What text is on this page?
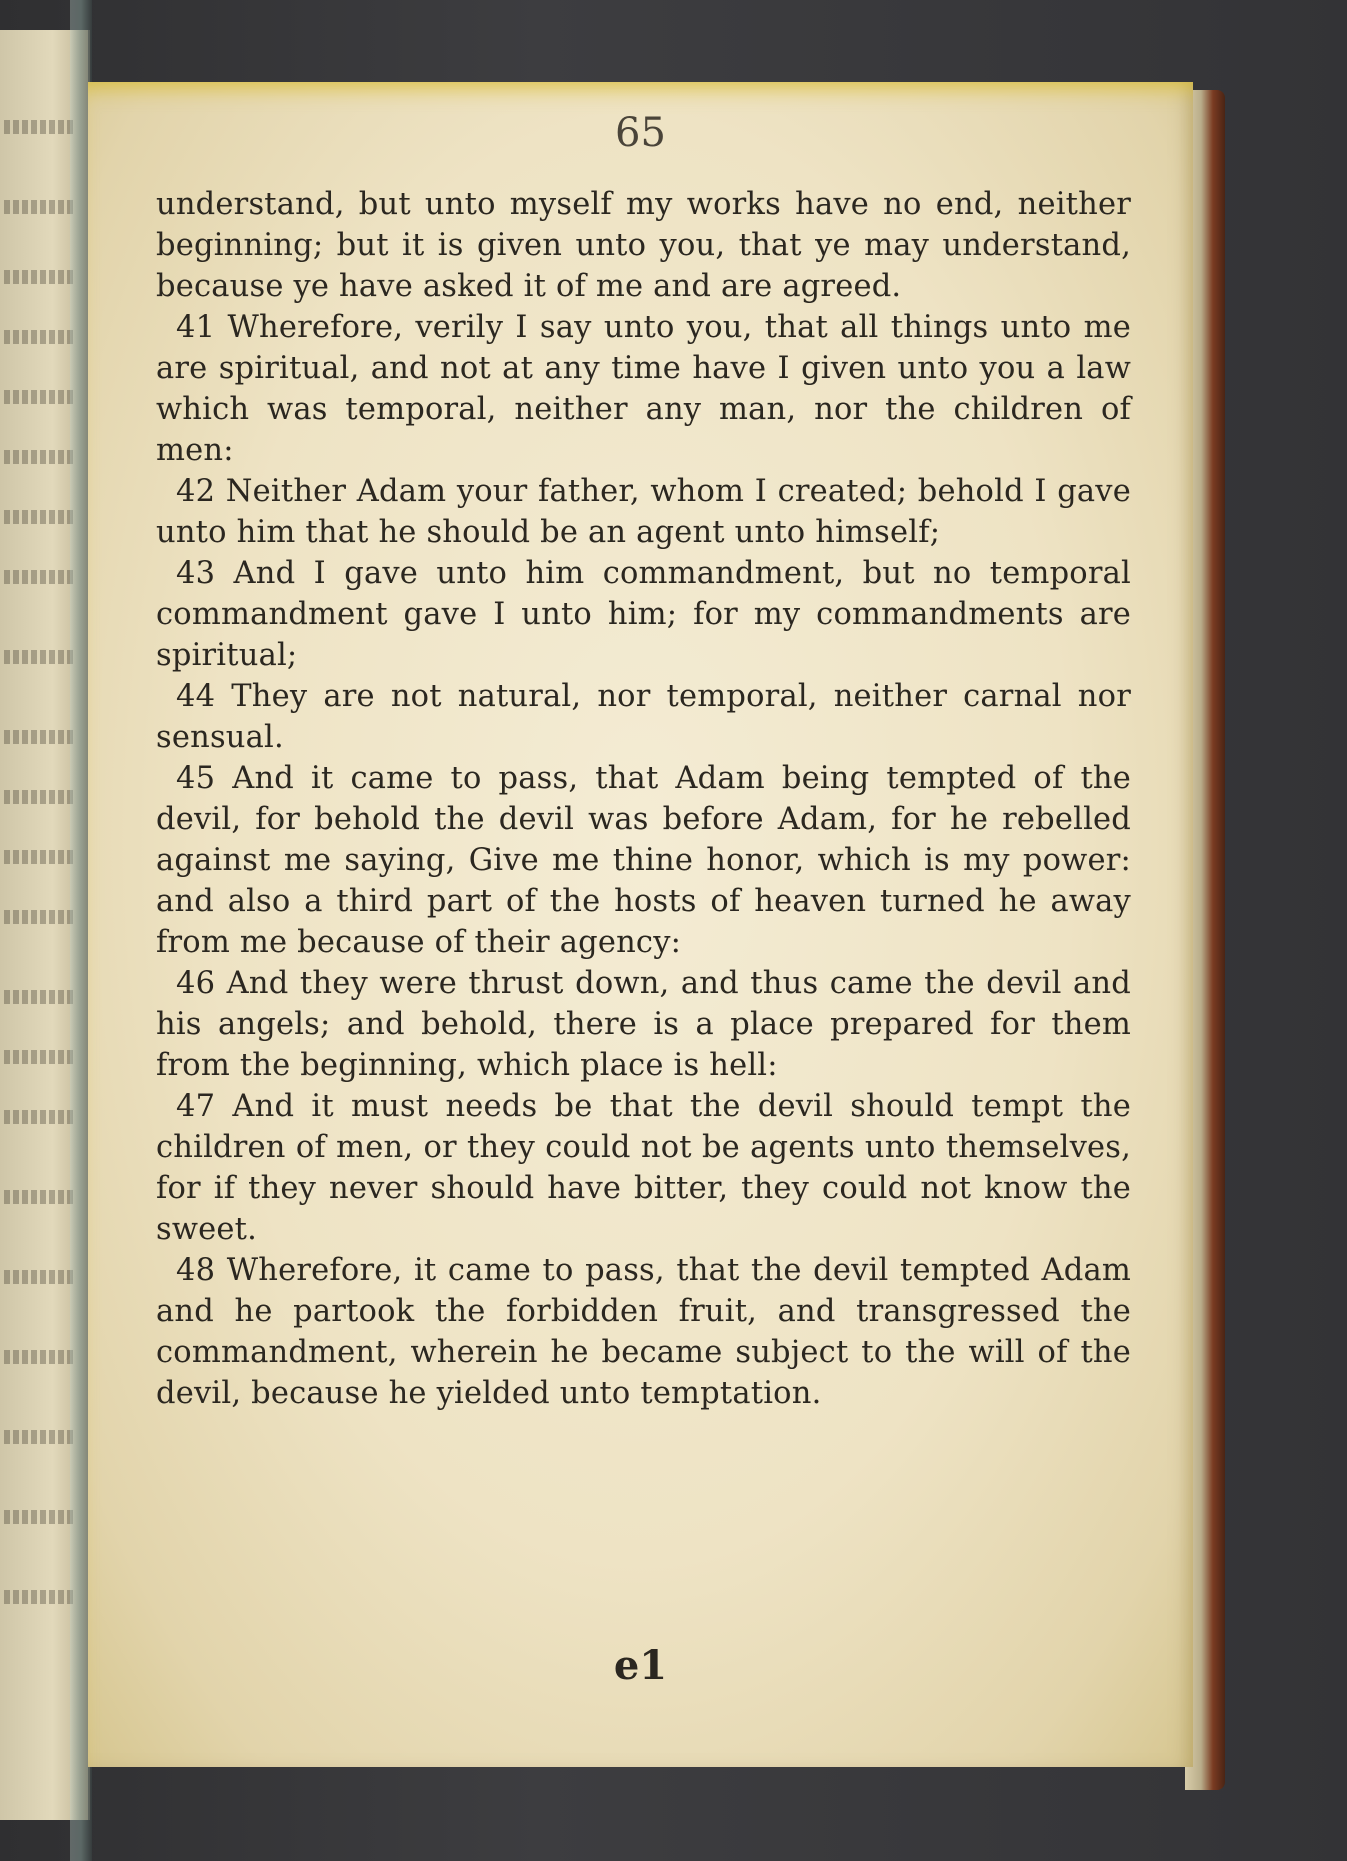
65

understand, but unto myself my works have no end, neither beginning; but it is given unto you, that ye may understand, because ye have asked it of me and are agreed.

41 Wherefore, verily I say unto you, that all things unto me are spiritual, and not at any time have I given unto you a law which was temporal, neither any man, nor the children of men:

42 Neither Adam your father, whom I created; behold I gave unto him that he should be an agent unto himself;

43 And I gave unto him commandment, but no temporal commandment gave I unto him; for my commandments are spiritual;

44 They are not natural, nor temporal, neither carnal nor sensual.

45 And it came to pass, that Adam being tempted of the devil, for behold the devil was before Adam, for he rebelled against me saying, Give me thine honor, which is my power: and also a third part of the hosts of heaven turned he away from me because of their agency:

46 And they were thrust down, and thus came the devil and his angels; and behold, there is a place prepared for them from the beginning, which place is hell:

47 And it must needs be that the devil should tempt the children of men, or they could not be agents unto themselves, for if they never should have bitter, they could not know the sweet.

48 Wherefore, it came to pass, that the devil tempted Adam and he partook the forbidden fruit, and transgressed the commandment, wherein he became subject to the will of the devil, because he yielded unto temptation.

e1
